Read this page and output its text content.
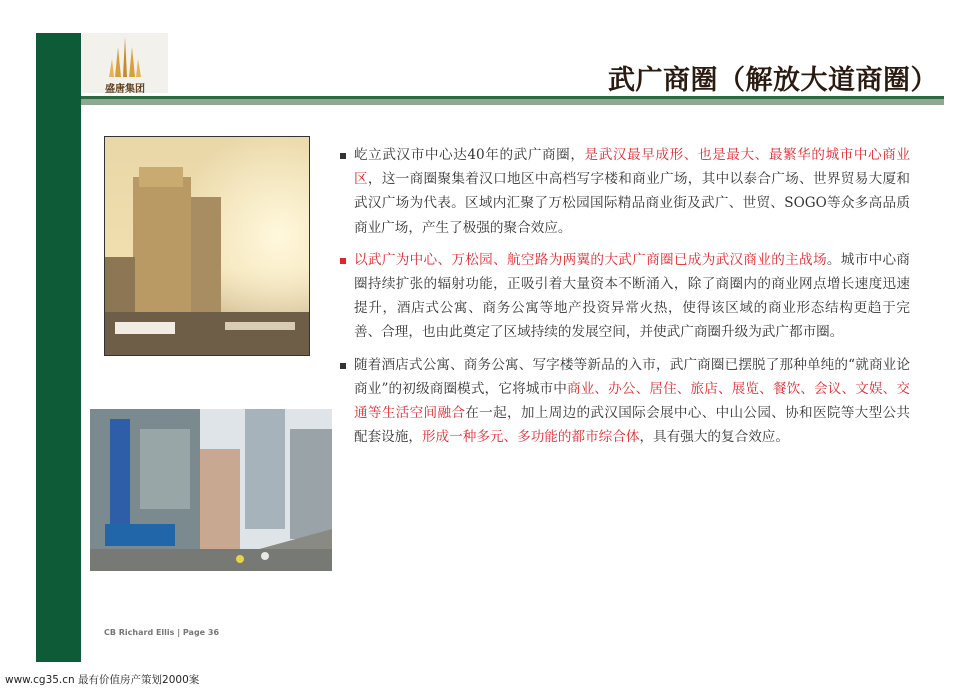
盛唐集团	武广商圈（解放大道商圈）
屹立武汉市中心达40年的武广商圈，是武汉最早成形、也是最大、最繁华的城市中心商业区，这一商圈聚集着汉口地区中高档写字楼和商业广场，其中以泰合广场、世界贸易大厦和武汉广场为代表。区域内汇聚了万松园国际精品商业街及武广、世贸、SOGO等众多高品质商业广场，产生了极强的聚合效应。
以武广为中心、万松园、航空路为两翼的大武广商圈已成为武汉商业的主战场。城市中心商圈持续扩张的辐射功能，正吸引着大量资本不断涌入，除了商圈内的商业网点增长速度迅速提升，酒店式公寓、商务公寓等地产投资异常火热，使得该区域的商业形态结构更趋于完善、合理，也由此奠定了区域持续的发展空间，并使武广商圈升级为武广都市圈。
随着酒店式公寓、商务公寓、写字楼等新品的入市，武广商圈已摆脱了那种单纯的“就商业论商业”的初级商圈模式，它将城市中商业、办公、居住、旅店、展览、餐饮、会议、文娱、交通等生活空间融合在一起，加上周边的武汉国际会展中心、中山公园、协和医院等大型公共配套设施，形成一种多元、多功能的都市综合体，具有强大的复合效应。
CB Richard Ellis | Page 36
www.cg35.cn 最有价值房产策划2000案
